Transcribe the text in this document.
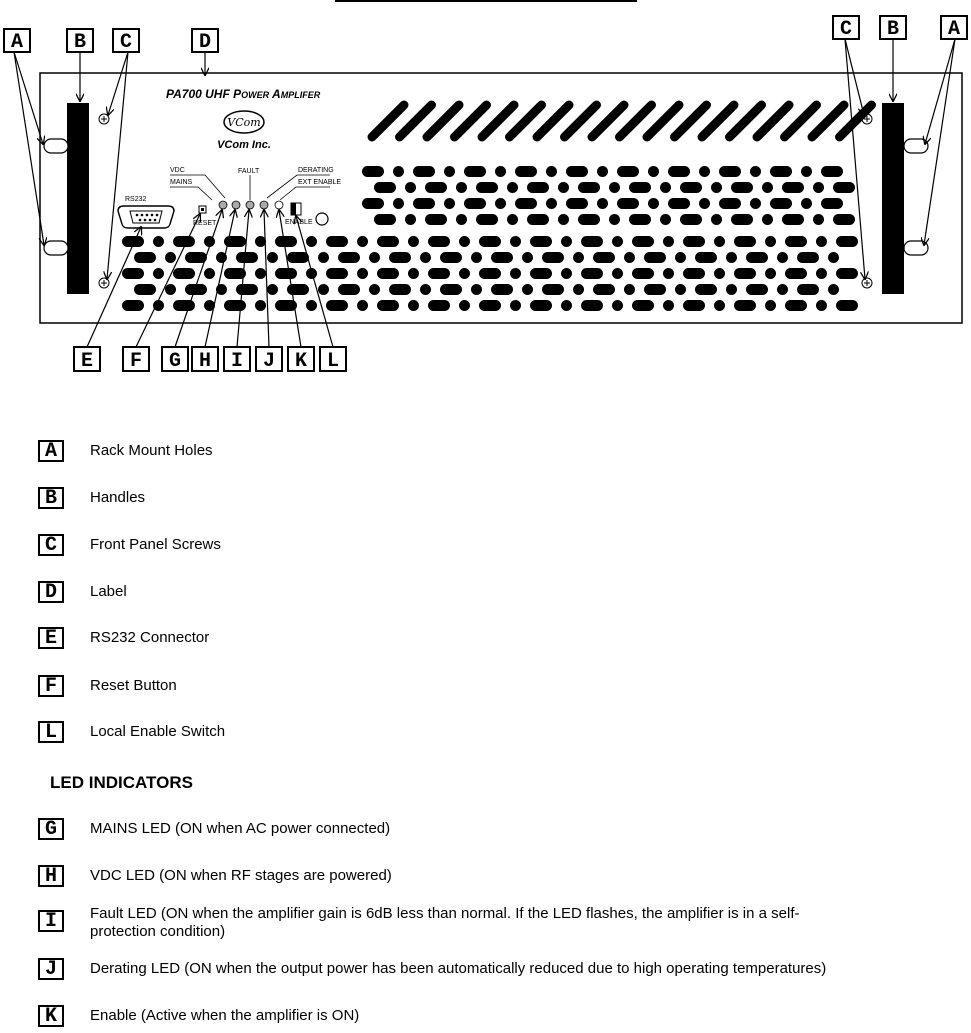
PA700 UHF POWER AMPLIFER
VCom
VCom Inc.
VDC
MAINS
FAULT	DERATING
EXT ENABLE
RS232
RESET	ENABLE
A	B C	D
C B A
E F G H I J K L
A	Rack Mount Holes
B	Handles
C	Front Panel Screws
D	Label
E	RS232 Connector
F	Reset Button
L	Local Enable Switch
LED INDICATORS
G	MAINS LED (ON when AC power connected)
H	VDC LED (ON when RF stages are powered)
I	Fault LED (ON when the amplifier gain is 6dB less than normal. If the LED flashes, the amplifier is in a self-protection condition)
J	Derating LED (ON when the output power has been automatically reduced due to high operating temperatures)
K	Enable (Active when the amplifier is ON)
